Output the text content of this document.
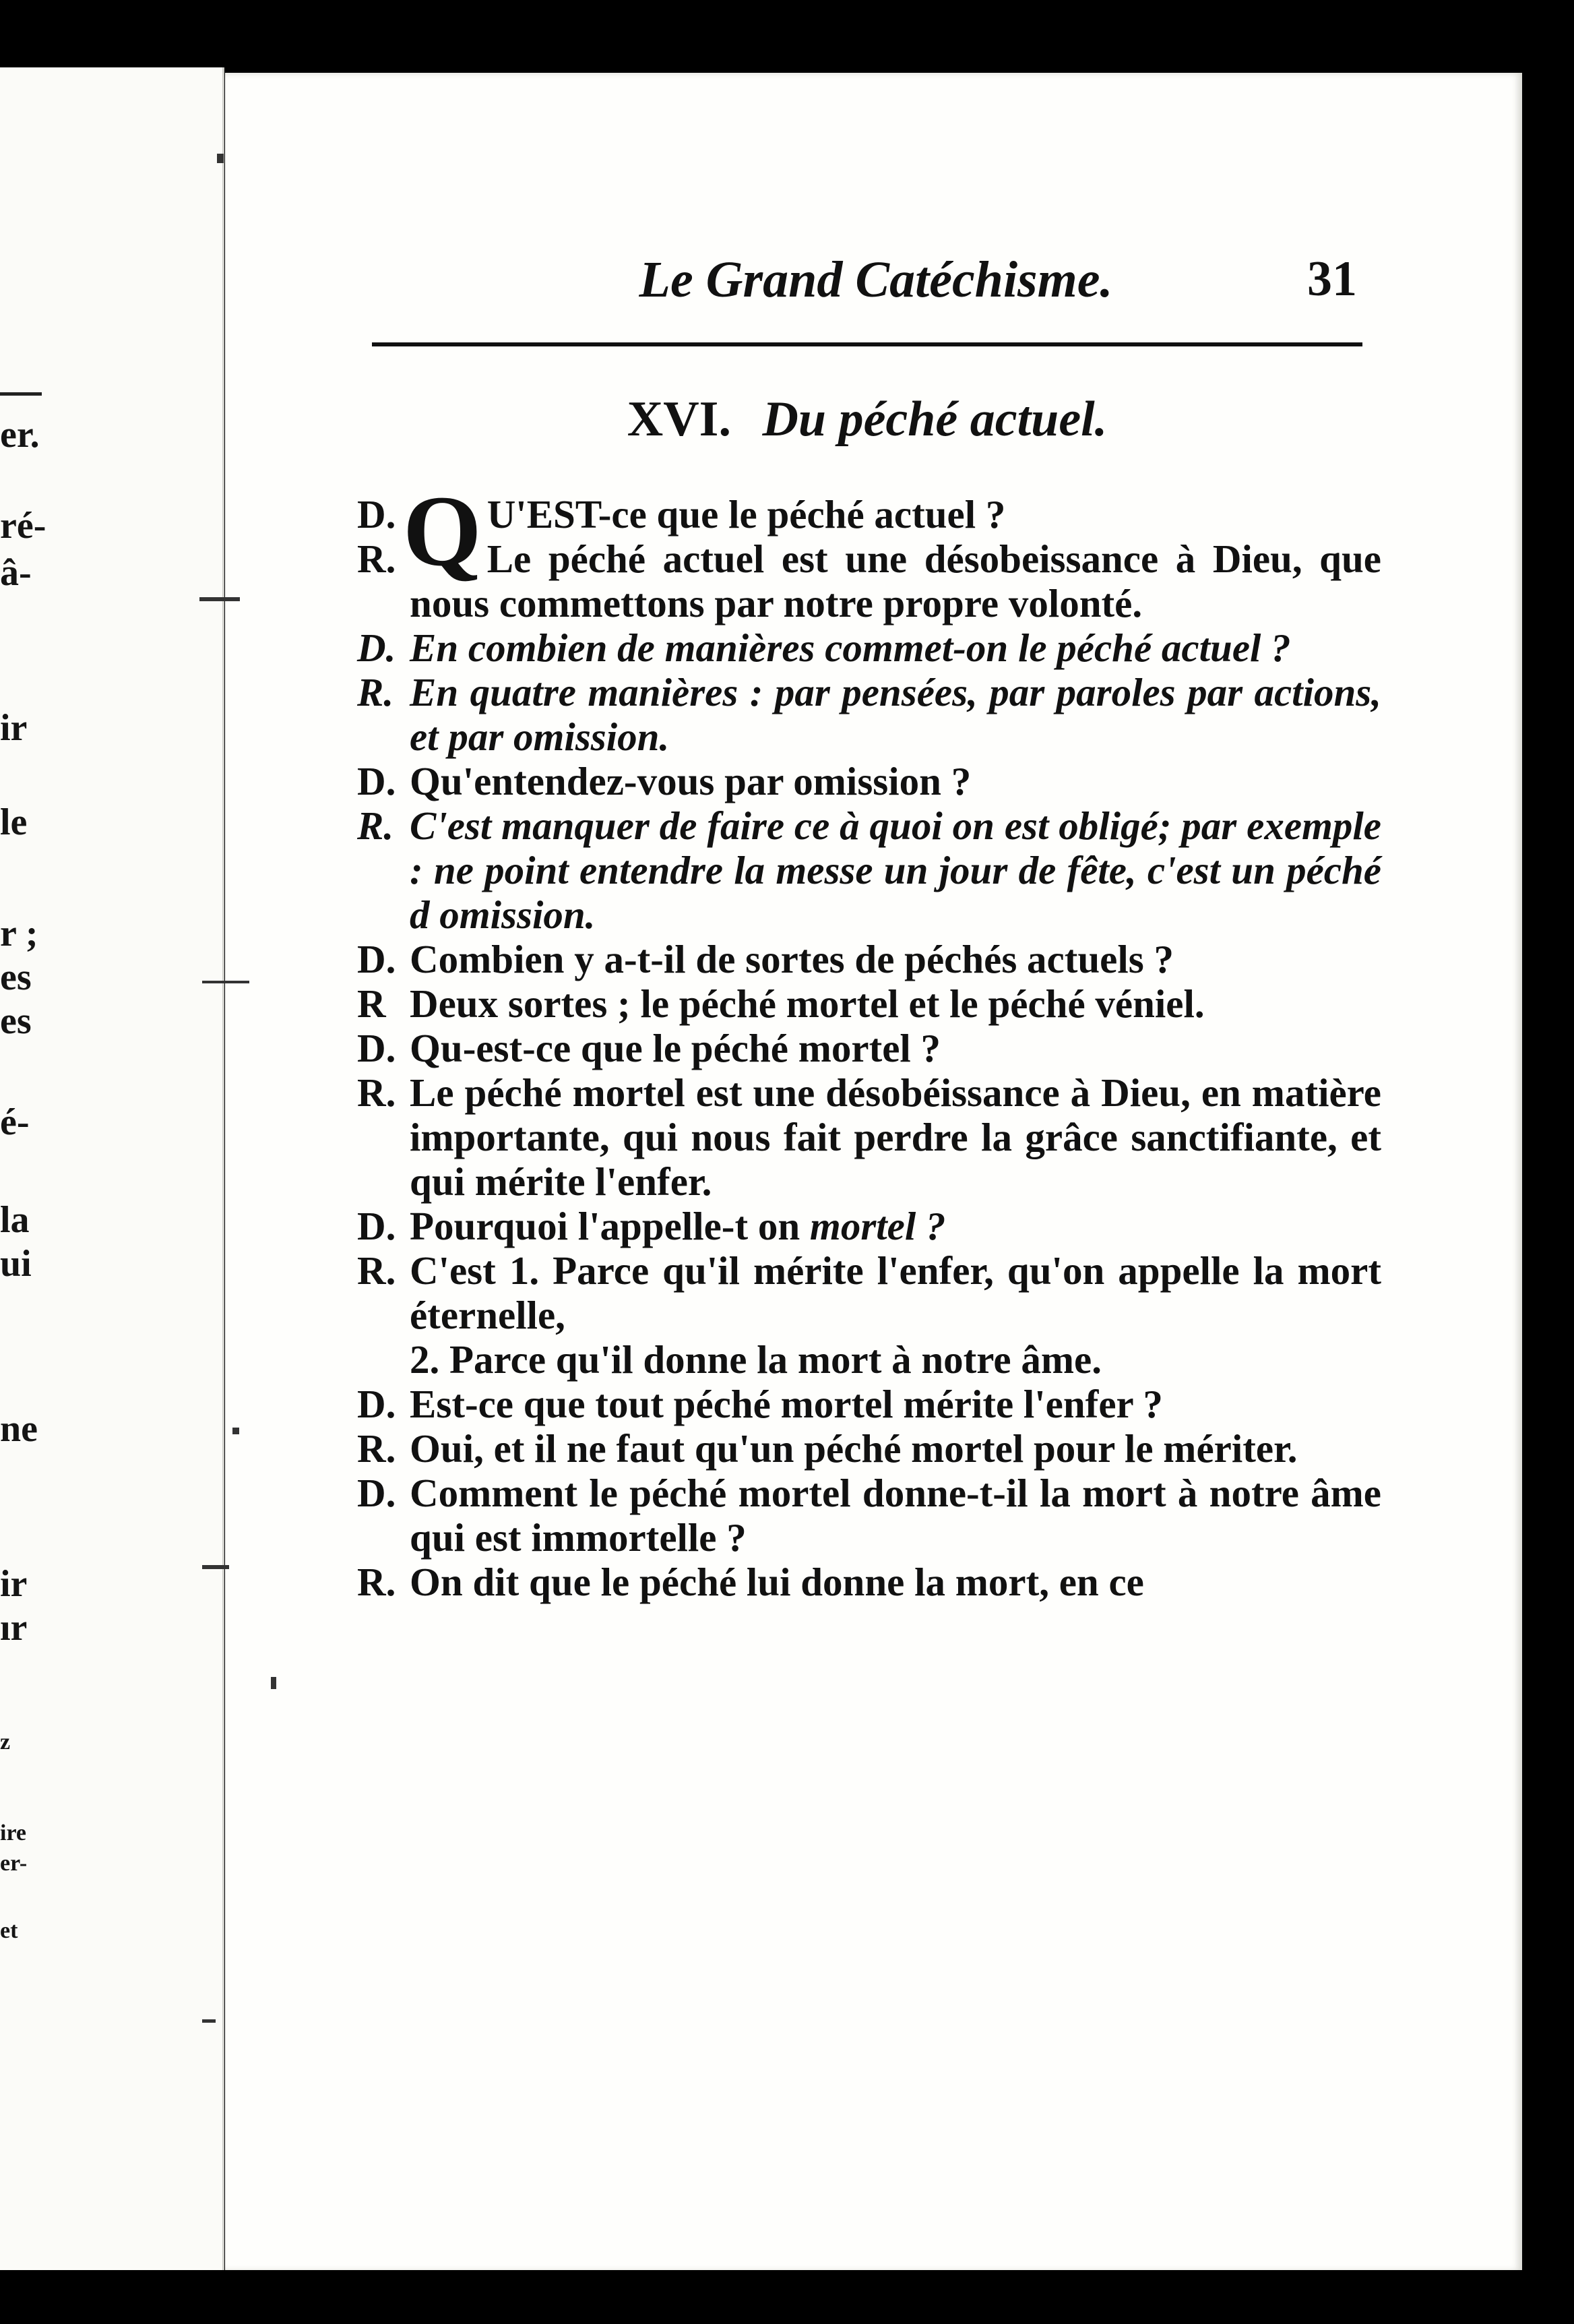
er.
ré-
â-
ir
le
r ;
es
es
é-
la
ui
ne
ir
ır
z
ire
er-
et
Le Grand Catéchisme.	31
XVI. Du péché actuel.
D. Q U'EST-ce que le péché actuel ?
R. Le péché actuel est une désobeissance à Dieu, que nous commettons par notre propre volonté.
D. En combien de manières commet-on le péché actuel ?
R. En quatre manières : par pensées, par paroles par actions, et par omission.
D. Qu'entendez-vous par omission ?
R. C'est manquer de faire ce à quoi on est obligé; par exemple : ne point entendre la messe un jour de fête, c'est un péché d omission.
D. Combien y a-t-il de sortes de péchés actuels ?
R Deux sortes ; le péché mortel et le péché véniel.
D. Qu-est-ce que le péché mortel ?
R. Le péché mortel est une désobéissance à Dieu, en matière importante, qui nous fait perdre la grâce sanctifiante, et qui mérite l'enfer.
D. Pourquoi l'appelle-t on mortel ?
R. C'est 1. Parce qu'il mérite l'enfer, qu'on appelle la mort éternelle,
2. Parce qu'il donne la mort à notre âme.
D. Est-ce que tout péché mortel mérite l'enfer ?
R. Oui, et il ne faut qu'un péché mortel pour le mériter.
D. Comment le péché mortel donne-t-il la mort à notre âme qui est immortelle ?
R. On dit que le péché lui donne la mort, en ce
